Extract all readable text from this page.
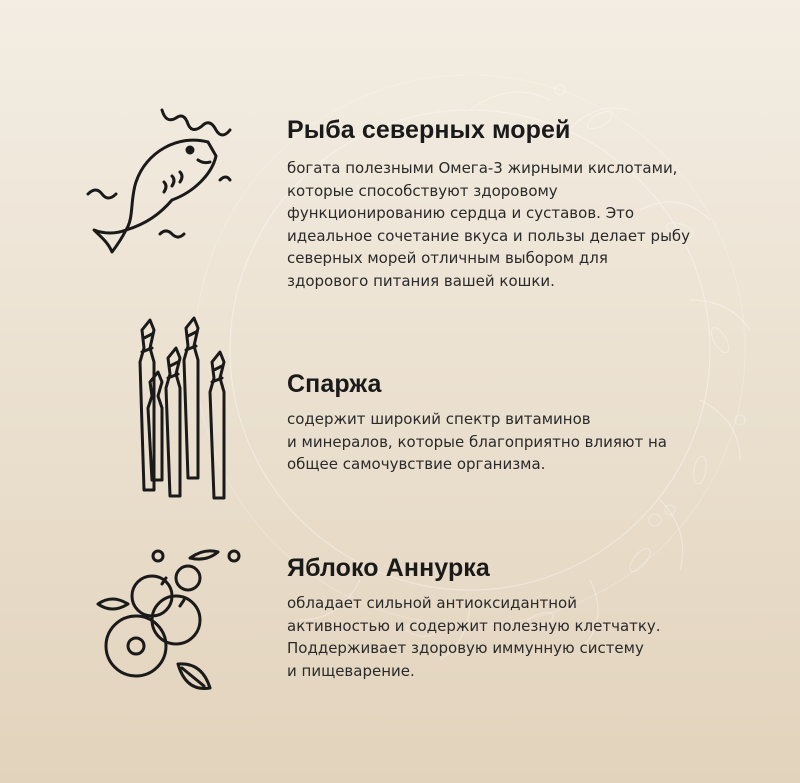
Рыба северных морей

богата полезными Омега-3 жирными кислотами,
которые способствуют здоровому
функционированию сердца и суставов. Это
идеальное сочетание вкуса и пользы делает рыбу
северных морей отличным выбором для
здорового питания вашей кошки.

Спаржа

содержит широкий спектр витаминов
и минералов, которые благоприятно влияют на
общее самочувствие организма.

Яблоко Аннурка

обладает сильной антиоксидантной
активностью и содержит полезную клетчатку.
Поддерживает здоровую иммунную систему
и пищеварение.
